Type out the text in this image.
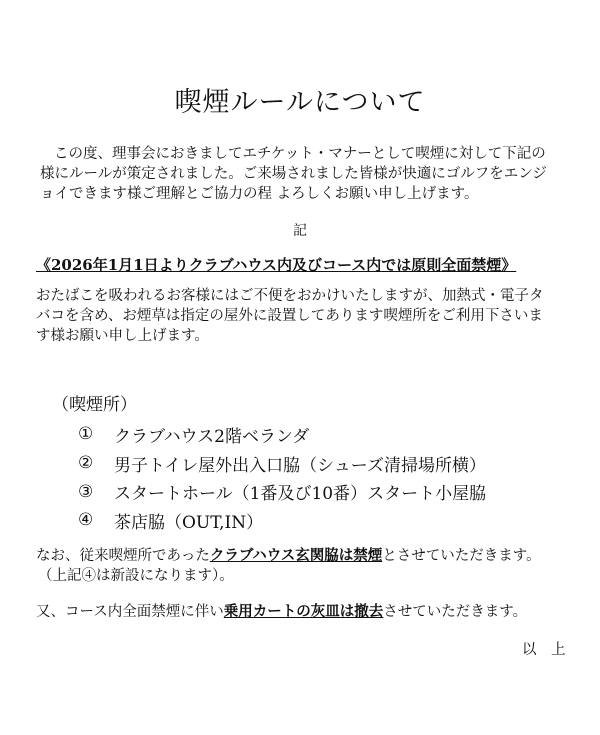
喫煙ルールについて
この度、理事会におきましてエチケット・マナーとして喫煙に対して下記の
様にルールが策定されました。ご来場されました皆様が快適にゴルフをエンジ
ョイできます様ご理解とご協力の程 よろしくお願い申し上げます。
記
《2026年1月1日よりクラブハウス内及びコース内では原則全面禁煙》
おたばこを吸われるお客様にはご不便をおかけいたしますが、加熱式・電子タ
バコを含め、お煙草は指定の屋外に設置してあります喫煙所をご利用下さいま
す様お願い申し上げます。
（喫煙所）
①	クラブハウス2階ベランダ
②	男子トイレ屋外出入口脇（シューズ清掃場所横）
③	スタートホール（1番及び10番）スタート小屋脇
④	茶店脇（OUT,IN）
なお、従来喫煙所であったクラブハウス玄関脇は禁煙とさせていただきます。
（上記④は新設になります）。
又、コース内全面禁煙に伴い乗用カートの灰皿は撤去させていただきます。
以　上
